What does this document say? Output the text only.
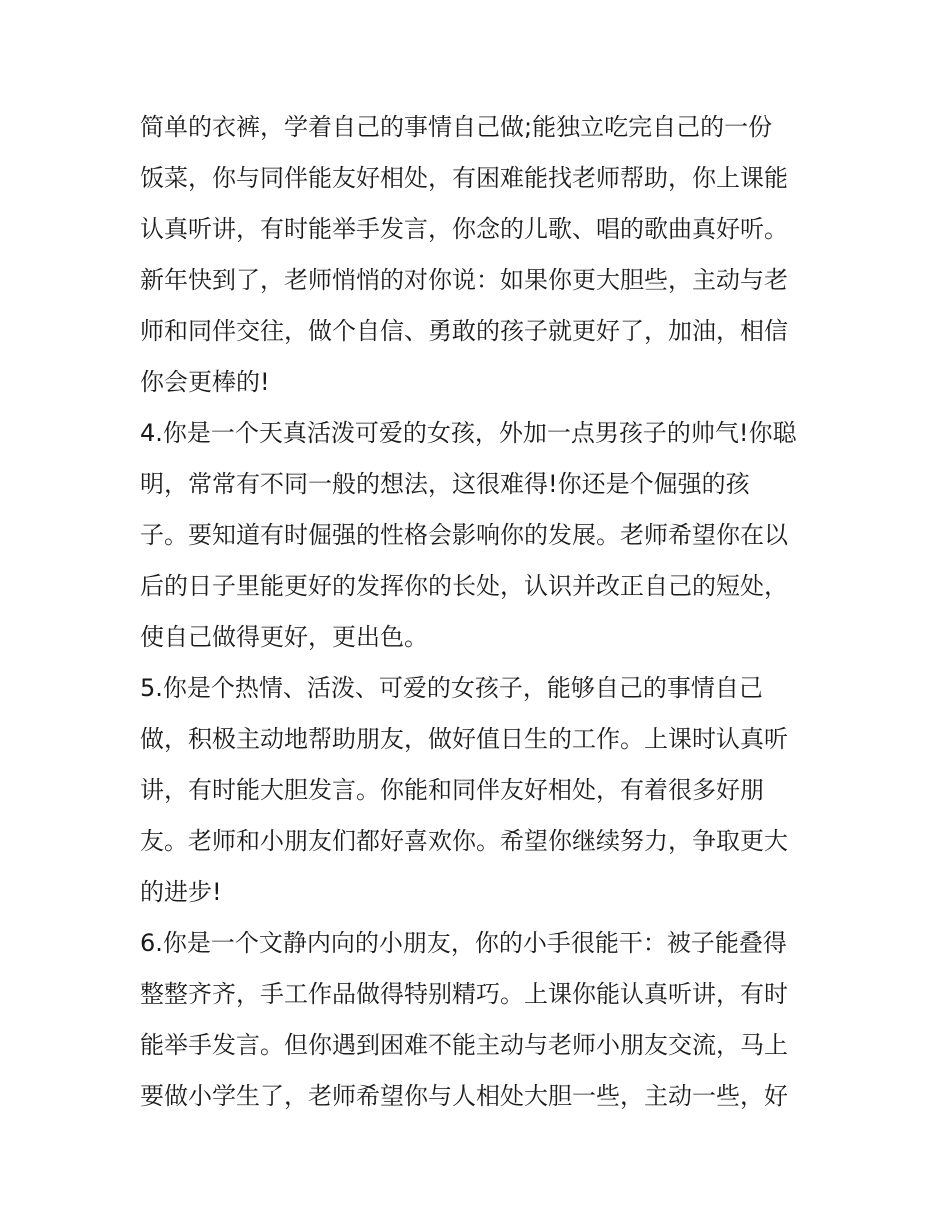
简单的衣裤，学着自己的事情自己做;能独立吃完自己的一份
饭菜，你与同伴能友好相处，有困难能找老师帮助，你上课能
认真听讲，有时能举手发言，你念的儿歌、唱的歌曲真好听。
新年快到了，老师悄悄的对你说：如果你更大胆些，主动与老
师和同伴交往，做个自信、勇敢的孩子就更好了，加油，相信
你会更棒的!
4.你是一个天真活泼可爱的女孩，外加一点男孩子的帅气!你聪
明，常常有不同一般的想法，这很难得!你还是个倔强的孩
子。要知道有时倔强的性格会影响你的发展。老师希望你在以
后的日子里能更好的发挥你的长处，认识并改正自己的短处，
使自己做得更好，更出色。
5.你是个热情、活泼、可爱的女孩子，能够自己的事情自己
做，积极主动地帮助朋友，做好值日生的工作。上课时认真听
讲，有时能大胆发言。你能和同伴友好相处，有着很多好朋
友。老师和小朋友们都好喜欢你。希望你继续努力，争取更大
的进步!
6.你是一个文静内向的小朋友，你的小手很能干：被子能叠得
整整齐齐，手工作品做得特别精巧。上课你能认真听讲，有时
能举手发言。但你遇到困难不能主动与老师小朋友交流，马上
要做小学生了，老师希望你与人相处大胆一些，主动一些，好
